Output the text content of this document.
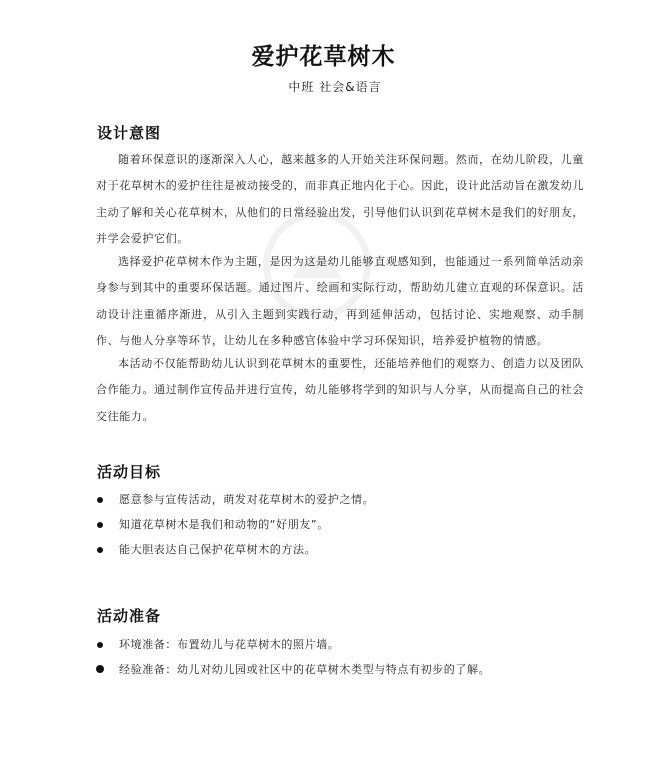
爱护花草树木
中班 社会&语言
设计意图

随着环保意识的逐渐深入人心，越来越多的人开始关注环保问题。然而，在幼儿阶段，儿童对于花草树木的爱护往往是被动接受的，而非真正地内化于心。因此，设计此活动旨在激发幼儿主动了解和关心花草树木，从他们的日常经验出发，引导他们认识到花草树木是我们的好朋友，并学会爱护它们。

选择爱护花草树木作为主题，是因为这是幼儿能够直观感知到，也能通过一系列简单活动亲身参与到其中的重要环保话题。通过图片、绘画和实际行动，帮助幼儿建立直观的环保意识。活动设计注重循序渐进，从引入主题到实践行动，再到延伸活动，包括讨论、实地观察、动手制作、与他人分享等环节，让幼儿在多种感官体验中学习环保知识，培养爱护植物的情感。

本活动不仅能帮助幼儿认识到花草树木的重要性，还能培养他们的观察力、创造力以及团队合作能力。通过制作宣传品并进行宣传，幼儿能够将学到的知识与人分享，从而提高自己的社会交往能力。

活动目标
愿意参与宣传活动，萌发对花草树木的爱护之情。
知道花草树木是我们和动物的“好朋友”。
能大胆表达自己保护花草树木的方法。
活动准备
环境准备：布置幼儿与花草树木的照片墙。
经验准备：幼儿对幼儿园或社区中的花草树木类型与特点有初步的了解。
